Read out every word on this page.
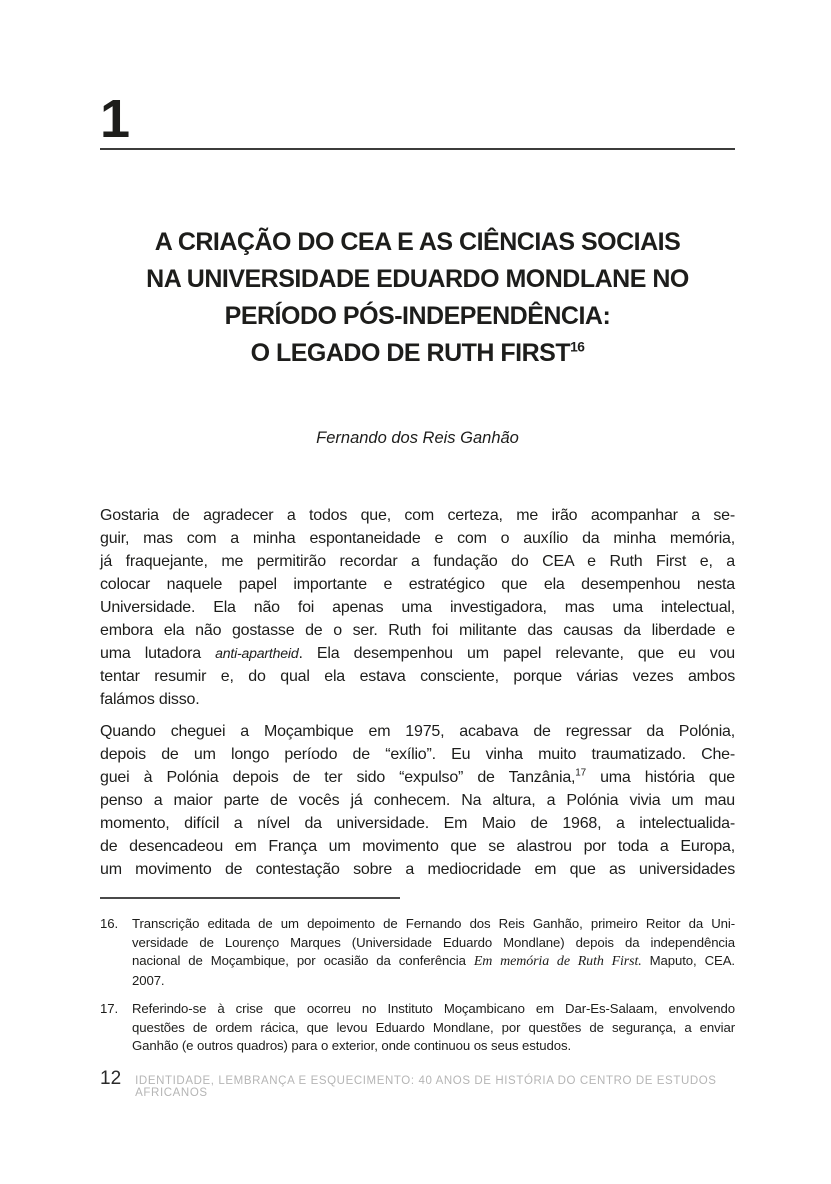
1
A CRIAÇÃO DO CEA E AS CIÊNCIAS SOCIAIS
NA UNIVERSIDADE EDUARDO MONDLANE NO
PERÍODO PÓS-INDEPENDÊNCIA:
O LEGADO DE RUTH FIRST$^{16}$
Fernando dos Reis Ganhão
Gostaria de agradecer a todos que, com certeza, me irão acompanhar a se-
guir, mas com a minha espontaneidade e com o auxílio da minha memória,
já fraquejante, me permitirão recordar a fundação do CEA e Ruth First e, a
colocar naquele papel importante e estratégico que ela desempenhou nesta
Universidade. Ela não foi apenas uma investigadora, mas uma intelectual,
embora ela não gostasse de o ser. Ruth foi militante das causas da liberdade e
uma lutadora anti-apartheid. Ela desempenhou um papel relevante, que eu vou
tentar resumir e, do qual ela estava consciente, porque várias vezes ambos
falámos disso.
Quando cheguei a Moçambique em 1975, acabava de regressar da Polónia,
depois de um longo período de “exílio”. Eu vinha muito traumatizado. Che-
guei à Polónia depois de ter sido “expulso” de Tanzânia,$^{17}$ uma história que
penso a maior parte de vocês já conhecem. Na altura, a Polónia vivia um mau
momento, difícil a nível da universidade. Em Maio de 1968, a intelectualida-
de desencadeou em França um movimento que se alastrou por toda a Europa,
um movimento de contestação sobre a mediocridade em que as universidades
16.	Transcrição editada de um depoimento de Fernando dos Reis Ganhão, primeiro Reitor da Uni-
versidade de Lourenço Marques (Universidade Eduardo Mondlane) depois da independência
nacional de Moçambique, por ocasião da conferência Em memória de Ruth First. Maputo, CEA.
2007.
17.	Referindo-se à crise que ocorreu no Instituto Moçambicano em Dar-Es-Salaam, envolvendo
questões de ordem rácica, que levou Eduardo Mondlane, por questões de segurança, a enviar
Ganhão (e outros quadros) para o exterior, onde continuou os seus estudos.
12 IDENTIDADE, LEMBRANÇA E ESQUECIMENTO: 40 ANOS DE HISTÓRIA DO CENTRO DE ESTUDOS AFRICANOS
